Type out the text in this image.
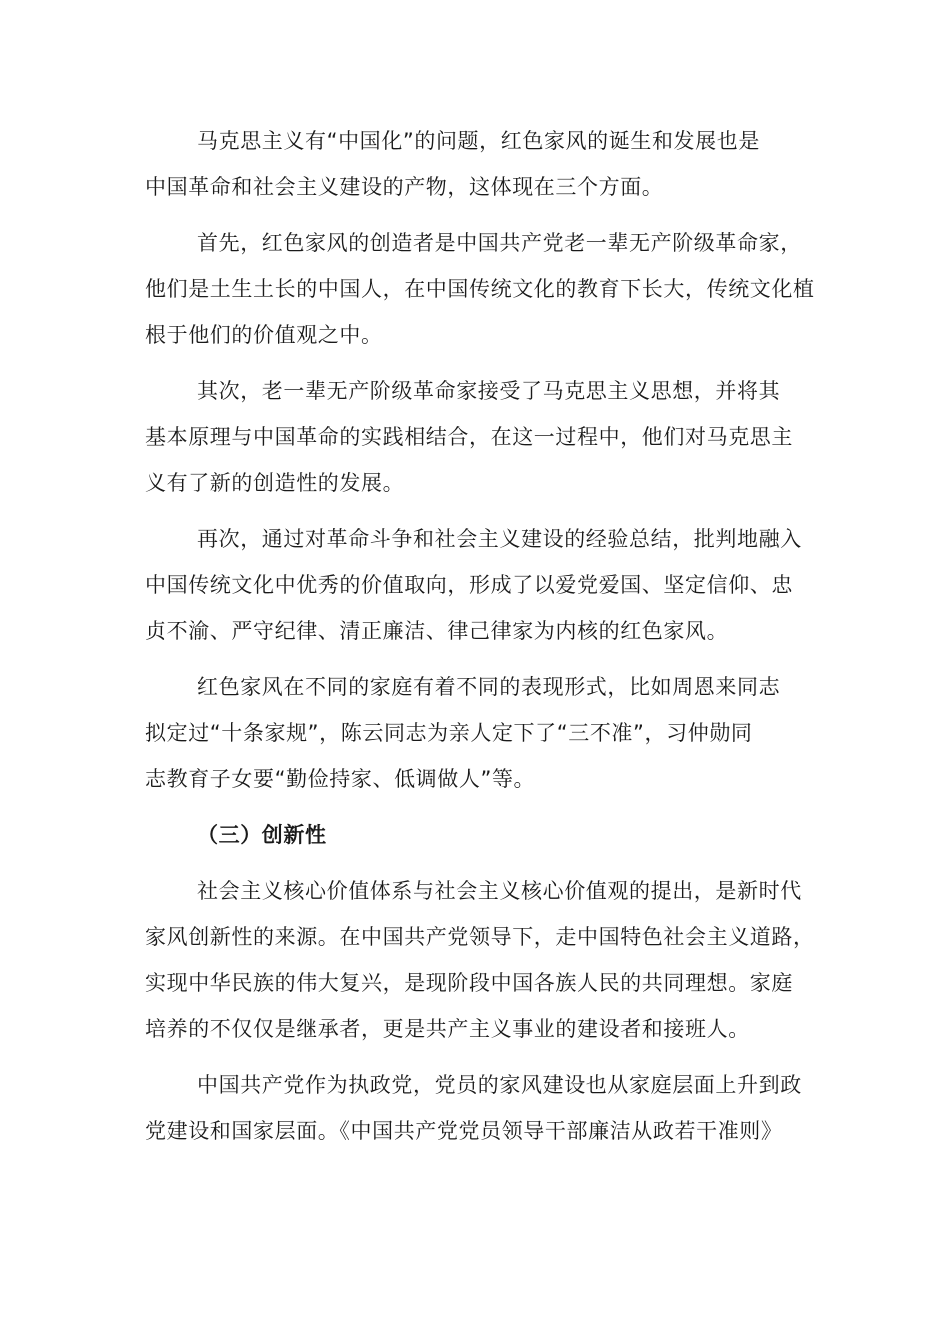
马克思主义有“中国化”的问题，红色家风的诞生和发展也是
中国革命和社会主义建设的产物，这体现在三个方面。

首先，红色家风的创造者是中国共产党老一辈无产阶级革命家，
他们是土生土长的中国人，在中国传统文化的教育下长大，传统文化植
根于他们的价值观之中。

其次，老一辈无产阶级革命家接受了马克思主义思想，并将其
基本原理与中国革命的实践相结合，在这一过程中，他们对马克思主
义有了新的创造性的发展。

再次，通过对革命斗争和社会主义建设的经验总结，批判地融入
中国传统文化中优秀的价值取向，形成了以爱党爱国、坚定信仰、忠
贞不渝、严守纪律、清正廉洁、律己律家为内核的红色家风。

红色家风在不同的家庭有着不同的表现形式，比如周恩来同志
拟定过“十条家规”，陈云同志为亲人定下了“三不准”，习仲勋同
志教育子女要“勤俭持家、低调做人”等。

（三）创新性

社会主义核心价值体系与社会主义核心价值观的提出，是新时代
家风创新性的来源。在中国共产党领导下，走中国特色社会主义道路，
实现中华民族的伟大复兴，是现阶段中国各族人民的共同理想。家庭
培养的不仅仅是继承者，更是共产主义事业的建设者和接班人。

中国共产党作为执政党，党员的家风建设也从家庭层面上升到政
党建设和国家层面。《中国共产党党员领导干部廉洁从政若干准则》
